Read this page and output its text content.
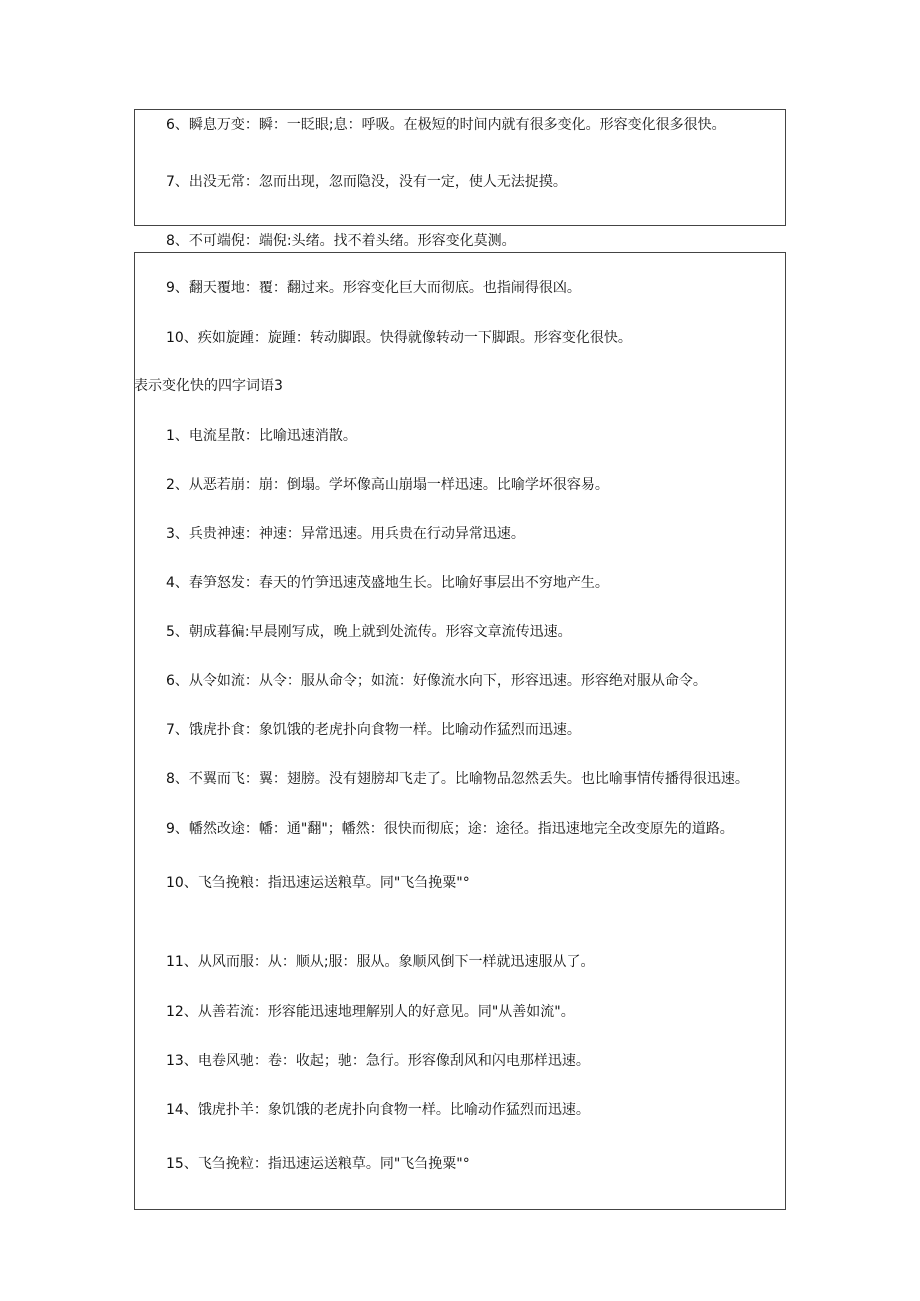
6、瞬息万变：瞬：一眨眼;息：呼吸。在极短的时间内就有很多变化。形容变化很多很快。
7、出没无常：忽而出现，忽而隐没，没有一定，使人无法捉摸。
8、不可端倪：端倪:头绪。找不着头绪。形容变化莫测。
9、翻天覆地：覆：翻过来。形容变化巨大而彻底。也指闹得很凶。
10、疾如旋踵：旋踵：转动脚跟。快得就像转动一下脚跟。形容变化很快。
表示变化快的四字词语3
1、电流星散：比喻迅速消散。
2、从恶若崩：崩：倒塌。学坏像高山崩塌一样迅速。比喻学坏很容易。
3、兵贵神速：神速：异常迅速。用兵贵在行动异常迅速。
4、春笋怒发：春天的竹笋迅速茂盛地生长。比喻好事层出不穷地产生。
5、朝成暮徧:早晨刚写成，晚上就到处流传。形容文章流传迅速。
6、从令如流：从令：服从命令；如流：好像流水向下，形容迅速。形容绝对服从命令。
7、饿虎扑食：象饥饿的老虎扑向食物一样。比喻动作猛烈而迅速。
8、不翼而飞：翼：翅膀。没有翅膀却飞走了。比喻物品忽然丢失。也比喻事情传播得很迅速。
9、幡然改途：幡：通"翻"；幡然：很快而彻底；途：途径。指迅速地完全改变原先的道路。
10、飞刍挽粮：指迅速运送粮草。同"飞刍挽粟"°
11、从风而服：从：顺从;服：服从。象顺风倒下一样就迅速服从了。
12、从善若流：形容能迅速地理解别人的好意见。同"从善如流"。
13、电卷风驰：卷：收起；驰：急行。形容像刮风和闪电那样迅速。
14、饿虎扑羊：象饥饿的老虎扑向食物一样。比喻动作猛烈而迅速。
15、飞刍挽粒：指迅速运送粮草。同"飞刍挽粟"°
